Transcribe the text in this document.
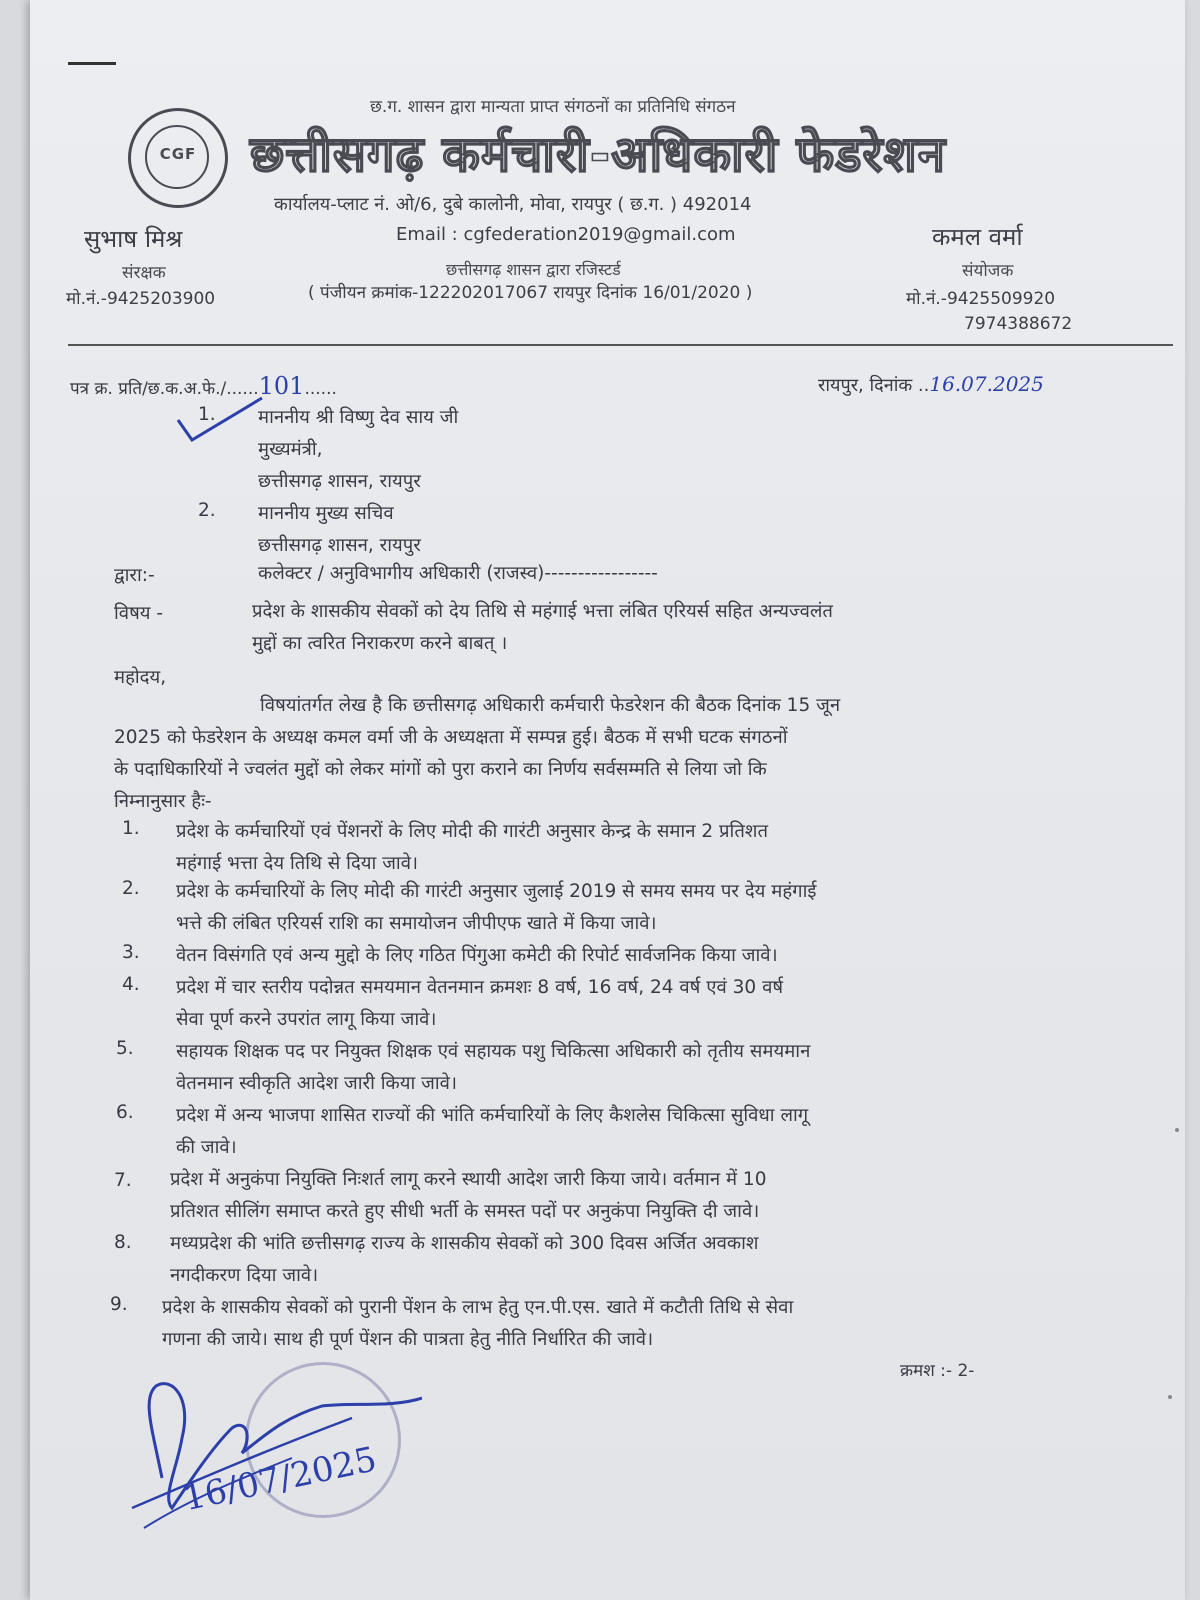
CGF
छ.ग. शासन द्वारा मान्यता प्राप्त संगठनों का प्रतिनिधि संगठन
छत्तीसगढ़ कर्मचारी-अधिकारी फेडरेशन
कार्यालय-प्लाट नं. ओ/6, दुबे कालोनी, मोवा, रायपुर ( छ.ग. ) 492014
Email : cgfederation2019@gmail.com
छत्तीसगढ़ शासन द्वारा रजिस्टर्ड
( पंजीयन क्रमांक-122202017067 रायपुर दिनांक 16/01/2020 )
सुभाष मिश्र
संरक्षक
मो.नं.-9425203900
कमल वर्मा
संयोजक
मो.नं.-9425509920
7974388672
पत्र क्र. प्रति/छ.क.अ.फे./......101......	रायपुर, दिनांक ..16.07.2025
1. माननीय श्री विष्णु देव साय जी
मुख्यमंत्री,
छत्तीसगढ़ शासन, रायपुर
2. माननीय मुख्य सचिव
छत्तीसगढ़ शासन, रायपुर
द्वारा:-	कलेक्टर / अनुविभागीय अधिकारी (राजस्व)-----------------
विषय -	प्रदेश के शासकीय सेवकों को देय तिथि से महंगाई भत्ता लंबित एरियर्स सहित अन्यज्वलंत
मुद्दों का त्वरित निराकरण करने बाबत् ।
महोदय,
विषयांतर्गत लेख है कि छत्तीसगढ़ अधिकारी कर्मचारी फेडरेशन की बैठक दिनांक 15 जून
2025 को फेडरेशन के अध्यक्ष कमल वर्मा जी के अध्यक्षता में सम्पन्न हुई। बैठक में सभी घटक संगठनों
के पदाधिकारियों ने ज्वलंत मुद्दों को लेकर मांगों को पुरा कराने का निर्णय सर्वसम्मति से लिया जो कि
निम्नानुसार हैः-
1. प्रदेश के कर्मचारियों एवं पेंशनरों के लिए मोदी की गारंटी अनुसार केन्द्र के समान 2 प्रतिशत
महंगाई भत्ता देय तिथि से दिया जावे।
2. प्रदेश के कर्मचारियों के लिए मोदी की गारंटी अनुसार जुलाई 2019 से समय समय पर देय महंगाई
भत्ते की लंबित एरियर्स राशि का समायोजन जीपीएफ खाते में किया जावे।
3. वेतन विसंगति एवं अन्य मुद्दो के लिए गठित पिंगुआ कमेटी की रिपोर्ट सार्वजनिक किया जावे।
4. प्रदेश में चार स्तरीय पदोन्नत समयमान वेतनमान क्रमशः 8 वर्ष, 16 वर्ष, 24 वर्ष एवं 30 वर्ष
सेवा पूर्ण करने उपरांत लागू किया जावे।
5. सहायक शिक्षक पद पर नियुक्त शिक्षक एवं सहायक पशु चिकित्सा अधिकारी को तृतीय समयमान
वेतनमान स्वीकृति आदेश जारी किया जावे।
6. प्रदेश में अन्य भाजपा शासित राज्यों की भांति कर्मचारियों के लिए कैशलेस चिकित्सा सुविधा लागू
की जावे।
7. प्रदेश में अनुकंपा नियुक्ति निःशर्त लागू करने स्थायी आदेश जारी किया जाये। वर्तमान में 10
प्रतिशत सीलिंग समाप्त करते हुए सीधी भर्ती के समस्त पदों पर अनुकंपा नियुक्ति दी जावे।
8. मध्यप्रदेश की भांति छत्तीसगढ़ राज्य के शासकीय सेवकों को 300 दिवस अर्जित अवकाश
नगदीकरण दिया जावे।
9. प्रदेश के शासकीय सेवकों को पुरानी पेंशन के लाभ हेतु एन.पी.एस. खाते में कटौती तिथि से सेवा
गणना की जाये। साथ ही पूर्ण पेंशन की पात्रता हेतु नीति निर्धारित की जावे।
क्रमश :- 2-
16/07/2025
